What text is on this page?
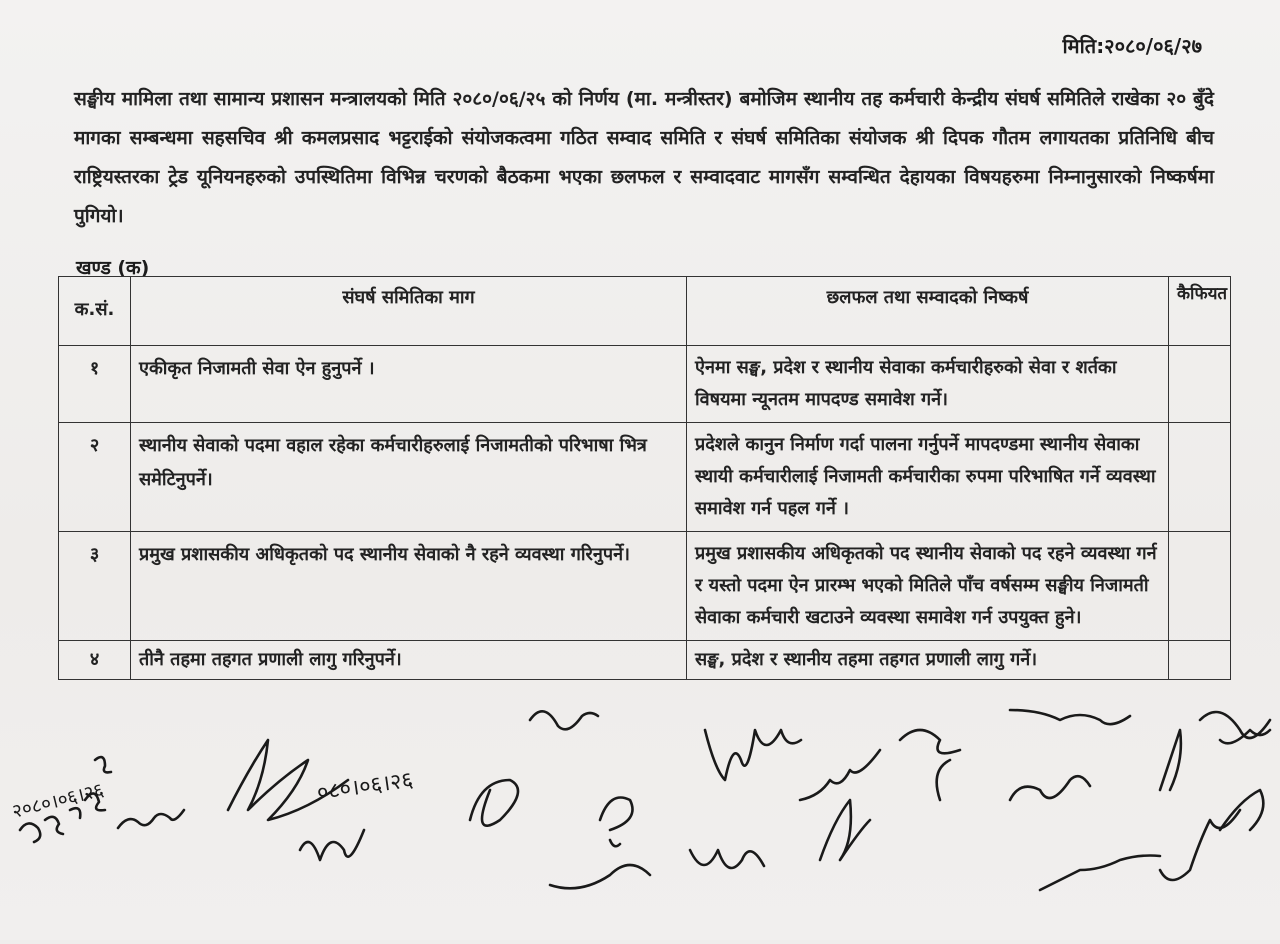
मिति:२०८०/०६/२७

सङ्घीय मामिला तथा सामान्य प्रशासन मन्त्रालयको मिति २०८०/०६/२५ को निर्णय (मा. मन्त्रीस्तर) बमोजिम स्थानीय तह कर्मचारी केन्द्रीय संघर्ष समितिले राखेका २० बुँदे मागका सम्बन्धमा सहसचिव श्री कमलप्रसाद भट्टराईको संयोजकत्वमा गठित सम्वाद समिति र संघर्ष समितिका संयोजक श्री दिपक गौतम लगायतका प्रतिनिधि बीच राष्ट्रियस्तरका ट्रेड यूनियनहरुको उपस्थितिमा विभिन्न चरणको बैठकमा भएका छलफल र सम्वादवाट मागसँग सम्वन्धित देहायका विषयहरुमा निम्नानुसारको निष्कर्षमा पुगियो।

खण्ड (क)
क.सं.	संघर्ष समितिका माग	छलफल तथा सम्वादको निष्कर्ष	कैफियत
१	एकीकृत निजामती सेवा ऐन हुनुपर्ने ।	ऐनमा सङ्घ, प्रदेश र स्थानीय सेवाका कर्मचारीहरुको सेवा र शर्तका विषयमा न्यूनतम मापदण्ड समावेश गर्ने।	
२	स्थानीय सेवाको पदमा वहाल रहेका कर्मचारीहरुलाई निजामतीको परिभाषा भित्र समेटिनुपर्ने।	प्रदेशले कानुन निर्माण गर्दा पालना गर्नुपर्ने मापदण्डमा स्थानीय सेवाका स्थायी कर्मचारीलाई निजामती कर्मचारीका रुपमा परिभाषित गर्ने व्यवस्था समावेश गर्न पहल गर्ने ।	
३	प्रमुख प्रशासकीय अधिकृतको पद स्थानीय सेवाको नै रहने व्यवस्था गरिनुपर्ने।	प्रमुख प्रशासकीय अधिकृतको पद स्थानीय सेवाको पद रहने व्यवस्था गर्न र यस्तो पदमा ऐन प्रारम्भ भएको मितिले पाँच वर्षसम्म सङ्घीय निजामती सेवाका कर्मचारी खटाउने व्यवस्था समावेश गर्न उपयुक्त हुने।	
४	तीनै तहमा तहगत प्रणाली लागु गरिनुपर्ने।	सङ्घ, प्रदेश र स्थानीय तहमा तहगत प्रणाली लागु गर्ने।	
२०८०।०६।२६	०८०।०६।२६
